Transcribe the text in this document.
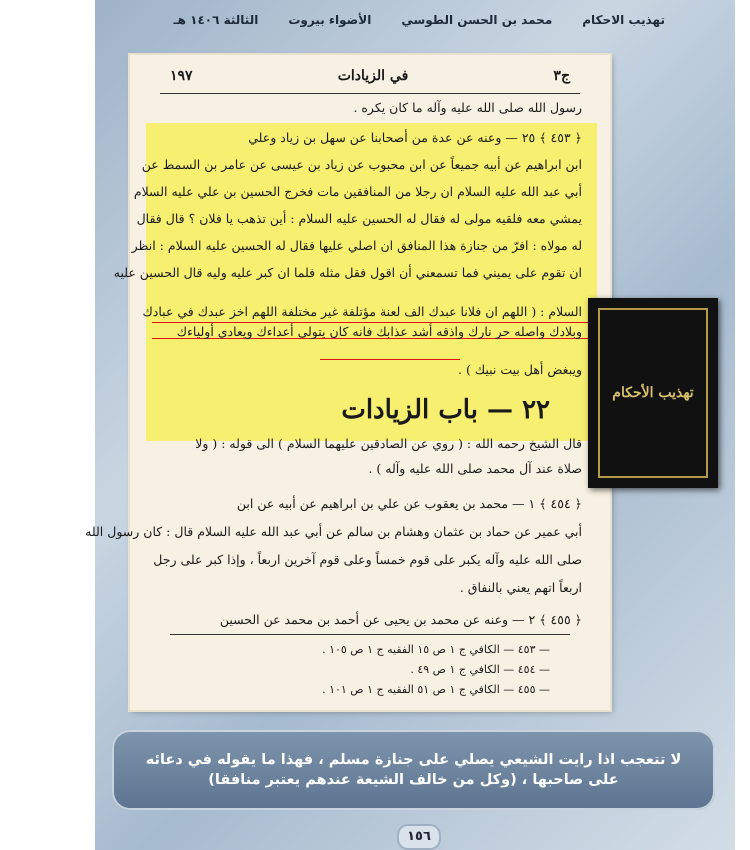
تهذيب الاحكام
محمد بن الحسن الطوسي
الأضواء بيروت
الثالثة ١٤٠٦ هـ
ج٣
في الزيادات
١٩٧
رسول الله صلى الله عليه وآله ما كان يكره .
﴿ ٤٥٣ ﴾ ٢٥ — وعنه عن عدة من أصحابنا عن سهل بن زياد وعلي
ابن ابراهيم عن أبيه جميعاً عن ابن محبوب عن زياد بن عيسى عن عامر بن السمط عن
أبي عبد الله عليه السلام ان رجلا من المنافقين مات فخرج الحسين بن علي عليه السلام
يمشي معه فلقيه مولى له فقال له الحسين عليه السلام : أين تذهب يا فلان ؟ قال فقال
له مولاه : افرّ من جنازة هذا المنافق ان اصلي عليها فقال له الحسين عليه السلام : انظر
ان تقوم على يميني فما تسمعني أن اقول فقل مثله فلما ان كبر عليه وليه قال الحسين عليه
السلام : ( اللهم ان فلانا عبدك الف لعنة مؤتلفة غير مختلفة اللهم اخز عبدك في عبادك
وبلادك واصله حر نارك واذقه أشد عذابك فانه كان يتولى أعداءك ويعادي أولياءك
ويبغض أهل بيت نبيك ) .
٢٢ — باب الزيادات
قال الشيخ رحمه الله : ( روي عن الصادقين عليهما السلام ) الى قوله : ( ولا
صلاة عند آل محمد صلى الله عليه وآله ) .
﴿ ٤٥٤ ﴾ ١ — محمد بن يعقوب عن علي بن ابراهيم عن أبيه عن ابن
أبي عمير عن حماد بن عثمان وهشام بن سالم عن أبي عبد الله عليه السلام قال : كان رسول الله
صلى الله عليه وآله يكبر على قوم خمساً وعلى قوم آخرين اربعاً ، وإذا كبر على رجل
اربعاً اتهم يعني بالنفاق .
﴿ ٤٥٥ ﴾ ٢ — وعنه عن محمد بن يحيى عن أحمد بن محمد عن الحسين
— ٤٥٣ — الكافي ج ١ ص ١٥ الفقيه ج ١ ص ١٠٥ .
— ٤٥٤ — الكافي ج ١ ص ٤٩ .
— ٤٥٥ — الكافي ج ١ ص ٥١ الفقيه ج ١ ص ١٠١ .
تهذيب الأحكام
لا تتعجب اذا رايت الشيعي يصلي على جنازة مسلم ، فهذا ما يقوله في دعائه
على صاحبها ، (وكل من خالف الشيعة عندهم يعتبر منافقا)
١٥٦
